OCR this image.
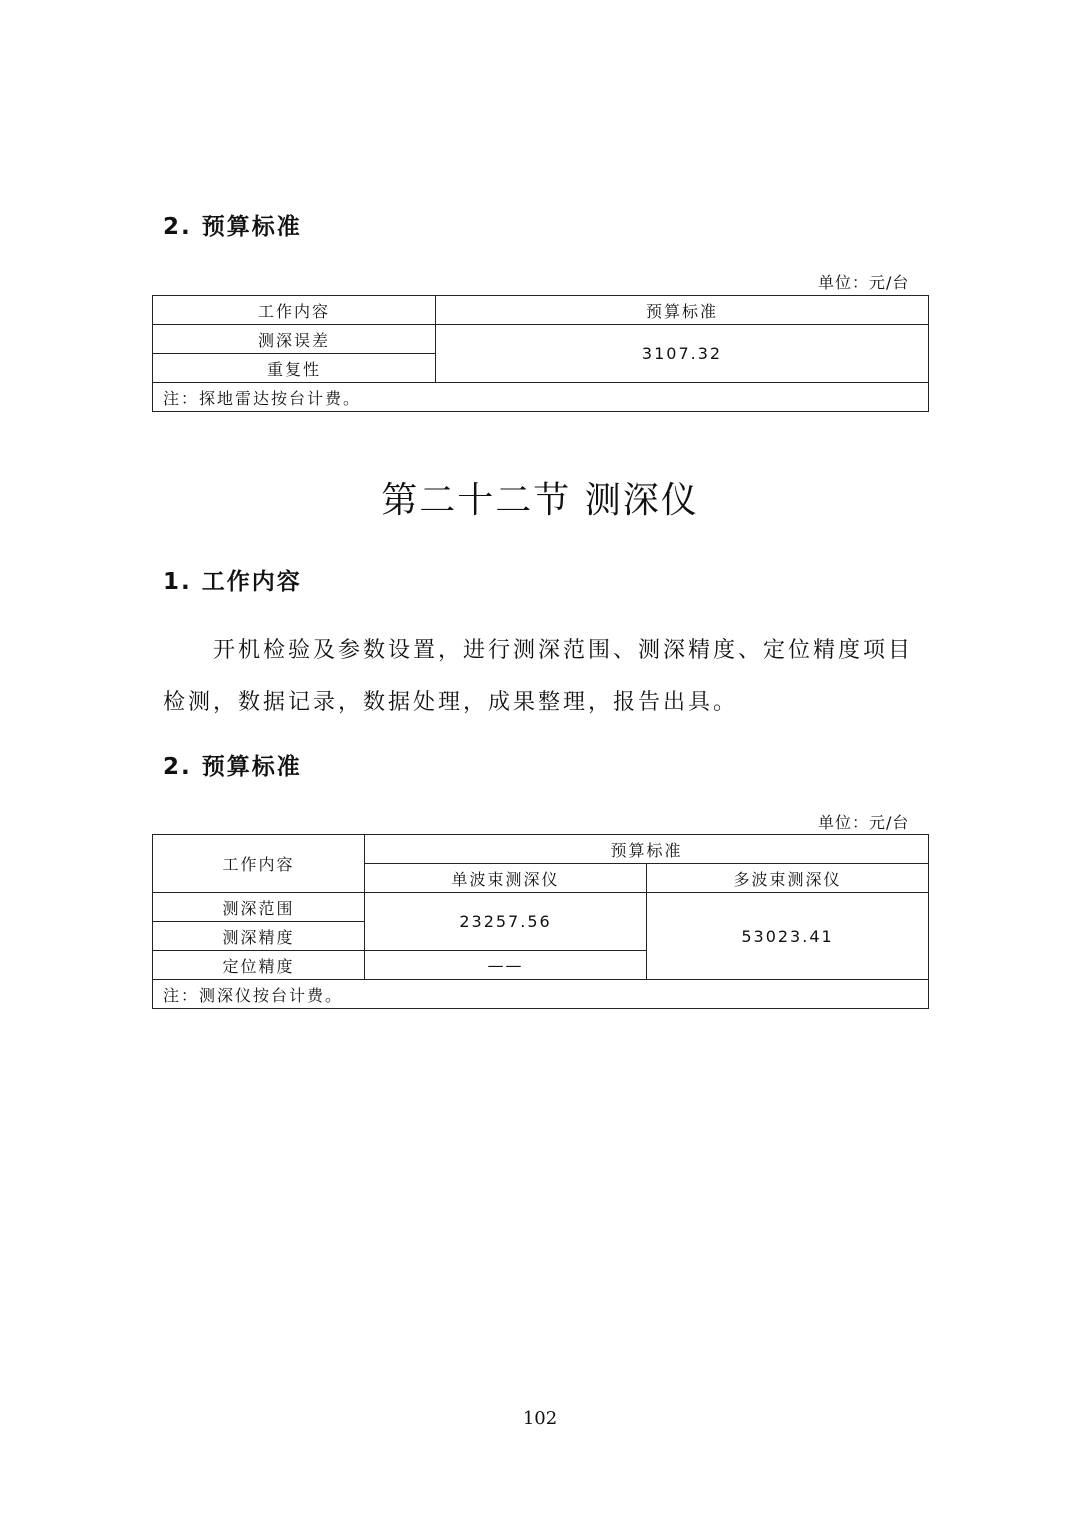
2. 预算标准
单位：元/台
工作内容	预算标准
测深误差	3107.32
重复性	
注：探地雷达按台计费。	
第二十二节 测深仪
1. 工作内容
开机检验及参数设置，进行测深范围、测深精度、定位精度项目
检测，数据记录，数据处理，成果整理，报告出具。
2. 预算标准
单位：元/台
工作内容	预算标准	
	单波束测深仪	多波束测深仪
测深范围	23257.56	53023.41
测深精度		
定位精度	——	
注：测深仪按台计费。		
102
